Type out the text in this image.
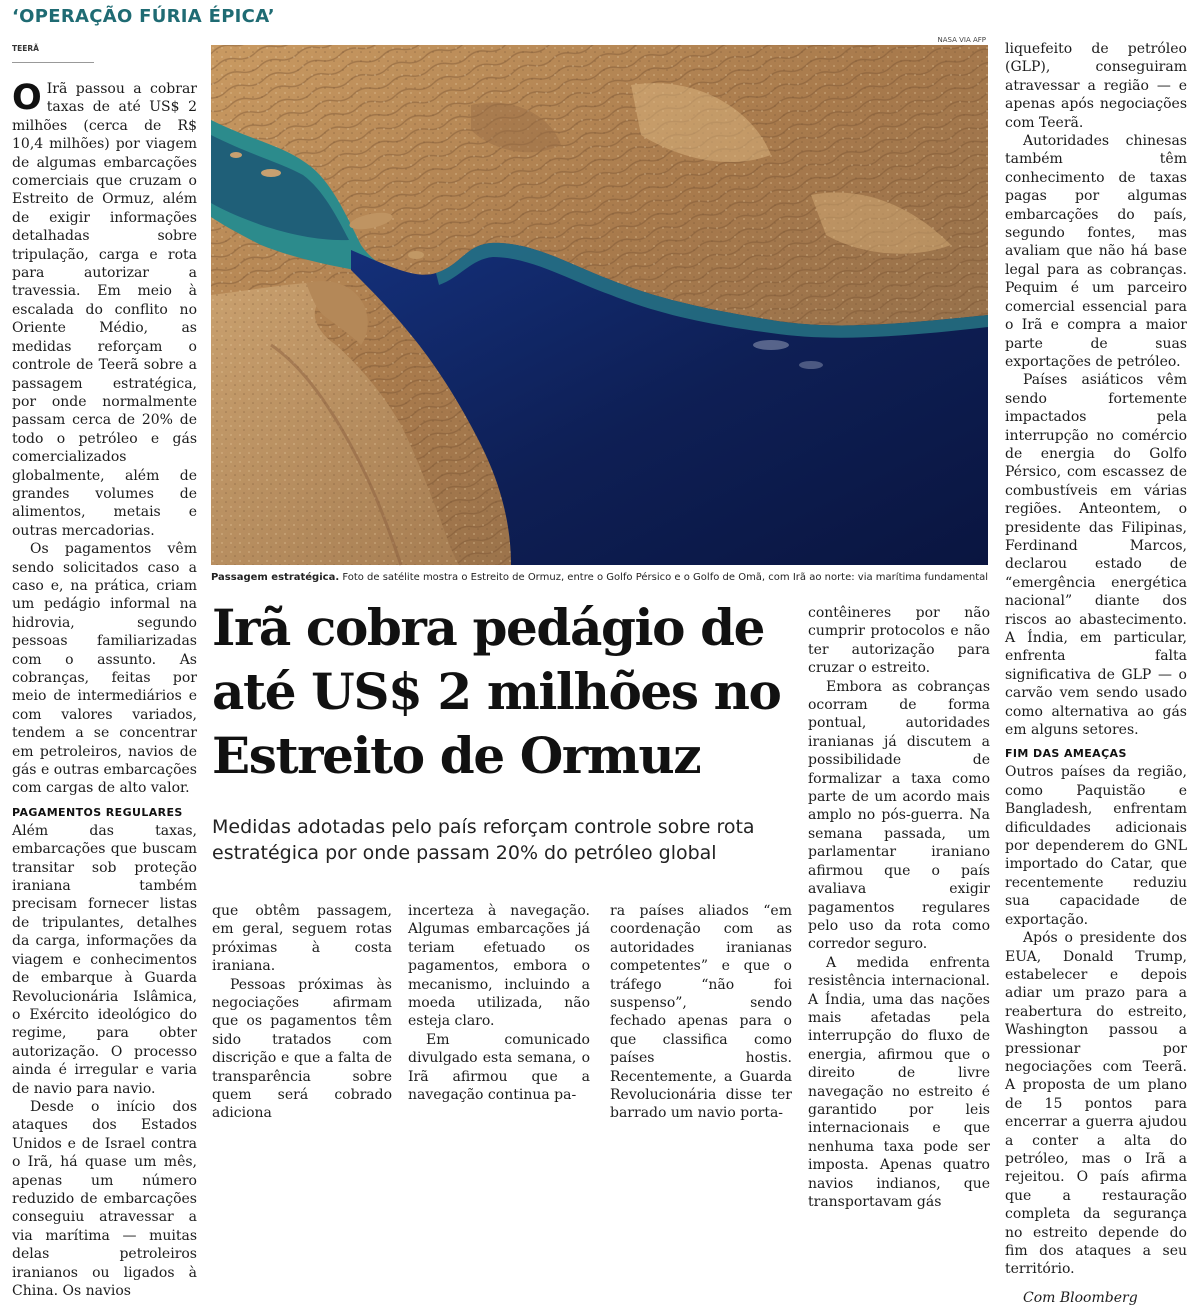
‘OPERAÇÃO FÚRIA ÉPICA’
TEERÃ
NASA VIA AFP
Passagem estratégica. Foto de satélite mostra o Estreito de Ormuz, entre o Golfo Pérsico e o Golfo de Omã, com Irã ao norte: via marítima fundamental
Irã cobra pedágio de até US$ 2 milhões no Estreito de Ormuz
Medidas adotadas pelo país reforçam controle sobre rota estratégica por onde passam 20% do petróleo global

O Irã passou a cobrar taxas de até US$ 2 milhões (cerca de R$ 10,4 milhões) por viagem de algumas embarcações comerciais que cruzam o Estreito de Ormuz, além de exigir informações detalhadas sobre tripulação, carga e rota para autorizar a travessia. Em meio à escalada do conflito no Oriente Médio, as medidas reforçam o controle de Teerã sobre a passagem estratégica, por onde normalmente passam cerca de 20% de todo o petróleo e gás comercializados globalmente, além de grandes volumes de alimentos, metais e outras mercadorias.

Os pagamentos vêm sendo solicitados caso a caso e, na prática, criam um pedágio informal na hidrovia, segundo pessoas familiarizadas com o assunto. As cobranças, feitas por meio de intermediários e com valores variados, tendem a se concentrar em petroleiros, navios de gás e outras embarcações com cargas de alto valor.

PAGAMENTOS REGULARES

Além das taxas, embarcações que buscam transitar sob proteção iraniana também precisam fornecer listas de tripulantes, detalhes da carga, informações da viagem e conhecimentos de embarque à Guarda Revolucionária Islâmica, o Exército ideológico do regime, para obter autorização. O processo ainda é irregular e varia de navio para navio.

Desde o início dos ataques dos Estados Unidos e de Israel contra o Irã, há quase um mês, apenas um número reduzido de embarcações conseguiu atravessar a via marítima — muitas delas petroleiros iranianos ou ligados à China. Os navios

que obtêm passagem, em geral, seguem rotas próximas à costa iraniana.

Pessoas próximas às negociações afirmam que os pagamentos têm sido tratados com discrição e que a falta de transparência sobre quem será cobrado adiciona

incerteza à navegação. Algumas embarcações já teriam efetuado os pagamentos, embora o mecanismo, incluindo a moeda utilizada, não esteja claro.

Em comunicado divulgado esta semana, o Irã afirmou que a navegação continua pa-

ra países aliados “em coordenação com as autoridades iranianas competentes” e que o tráfego “não foi suspenso”, sendo fechado apenas para o que classifica como países hostis. Recentemente, a Guarda Revolucionária disse ter barrado um navio porta-

contêineres por não cumprir protocolos e não ter autorização para cruzar o estreito.

Embora as cobranças ocorram de forma pontual, autoridades iranianas já discutem a possibilidade de formalizar a taxa como parte de um acordo mais amplo no pós-guerra. Na semana passada, um parlamentar iraniano afirmou que o país avaliava exigir pagamentos regulares pelo uso da rota como corredor seguro.

A medida enfrenta resistência internacional. A Índia, uma das nações mais afetadas pela interrupção do fluxo de energia, afirmou que o direito de livre navegação no estreito é garantido por leis internacionais e que nenhuma taxa pode ser imposta. Apenas quatro navios indianos, que transportavam gás

liquefeito de petróleo (GLP), conseguiram atravessar a região — e apenas após negociações com Teerã.

Autoridades chinesas também têm conhecimento de taxas pagas por algumas embarcações do país, segundo fontes, mas avaliam que não há base legal para as cobranças. Pequim é um parceiro comercial essencial para o Irã e compra a maior parte de suas exportações de petróleo.

Países asiáticos vêm sendo fortemente impactados pela interrupção no comércio de energia do Golfo Pérsico, com escassez de combustíveis em várias regiões. Anteontem, o presidente das Filipinas, Ferdinand Marcos, declarou estado de “emergência energética nacional” diante dos riscos ao abastecimento. A Índia, em particular, enfrenta falta significativa de GLP — o carvão vem sendo usado como alternativa ao gás em alguns setores.

FIM DAS AMEAÇAS

Outros países da região, como Paquistão e Bangladesh, enfrentam dificuldades adicionais por dependerem do GNL importado do Catar, que recentemente reduziu sua capacidade de exportação.

Após o presidente dos EUA, Donald Trump, estabelecer e depois adiar um prazo para a reabertura do estreito, Washington passou a pressionar por negociações com Teerã. A proposta de um plano de 15 pontos para encerrar a guerra ajudou a conter a alta do petróleo, mas o Irã a rejeitou. O país afirma que a restauração completa da segurança no estreito depende do fim dos ataques a seu território.

Com Bloomberg
